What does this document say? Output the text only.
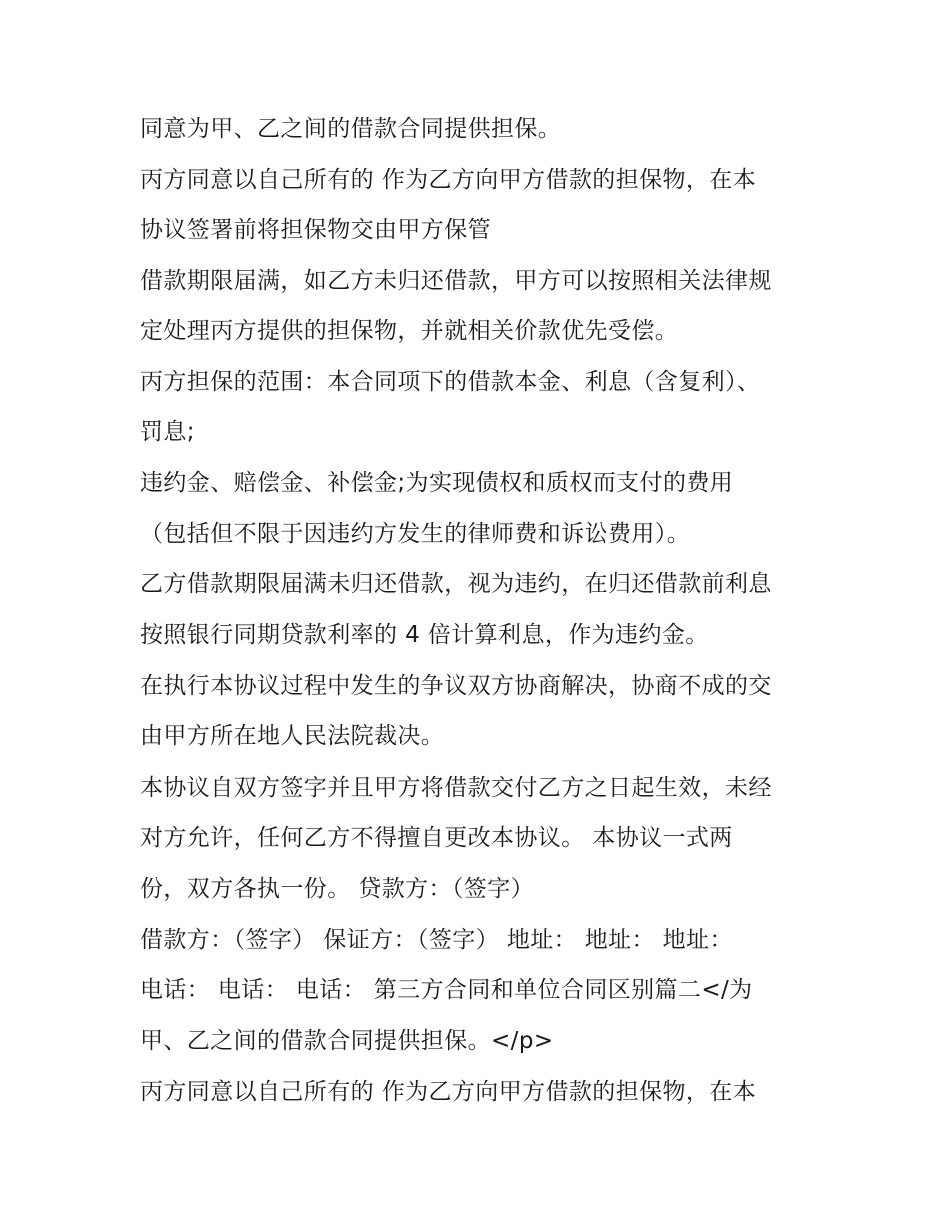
同意为甲、乙之间的借款合同提供担保。

丙方同意以自己所有的 作为乙方向甲方借款的担保物，在本

协议签署前将担保物交由甲方保管

借款期限届满，如乙方未归还借款，甲方可以按照相关法律规

定处理丙方提供的担保物，并就相关价款优先受偿。

丙方担保的范围：本合同项下的借款本金、利息（含复利）、

罚息;

违约金、赔偿金、补偿金;为实现债权和质权而支付的费用

（包括但不限于因违约方发生的律师费和诉讼费用）。

乙方借款期限届满未归还借款，视为违约，在归还借款前利息

按照银行同期贷款利率的 4 倍计算利息，作为违约金。

在执行本协议过程中发生的争议双方协商解决，协商不成的交

由甲方所在地人民法院裁决。

本协议自双方签字并且甲方将借款交付乙方之日起生效，未经

对方允许，任何乙方不得擅自更改本协议。 本协议一式两

份，双方各执一份。 贷款方：（签字）

借款方：（签字） 保证方：（签字） 地址： 地址： 地址：

电话： 电话： 电话： 第三方合同和单位合同区别篇二</为

甲、乙之间的借款合同提供担保。</p>

丙方同意以自己所有的 作为乙方向甲方借款的担保物，在本
